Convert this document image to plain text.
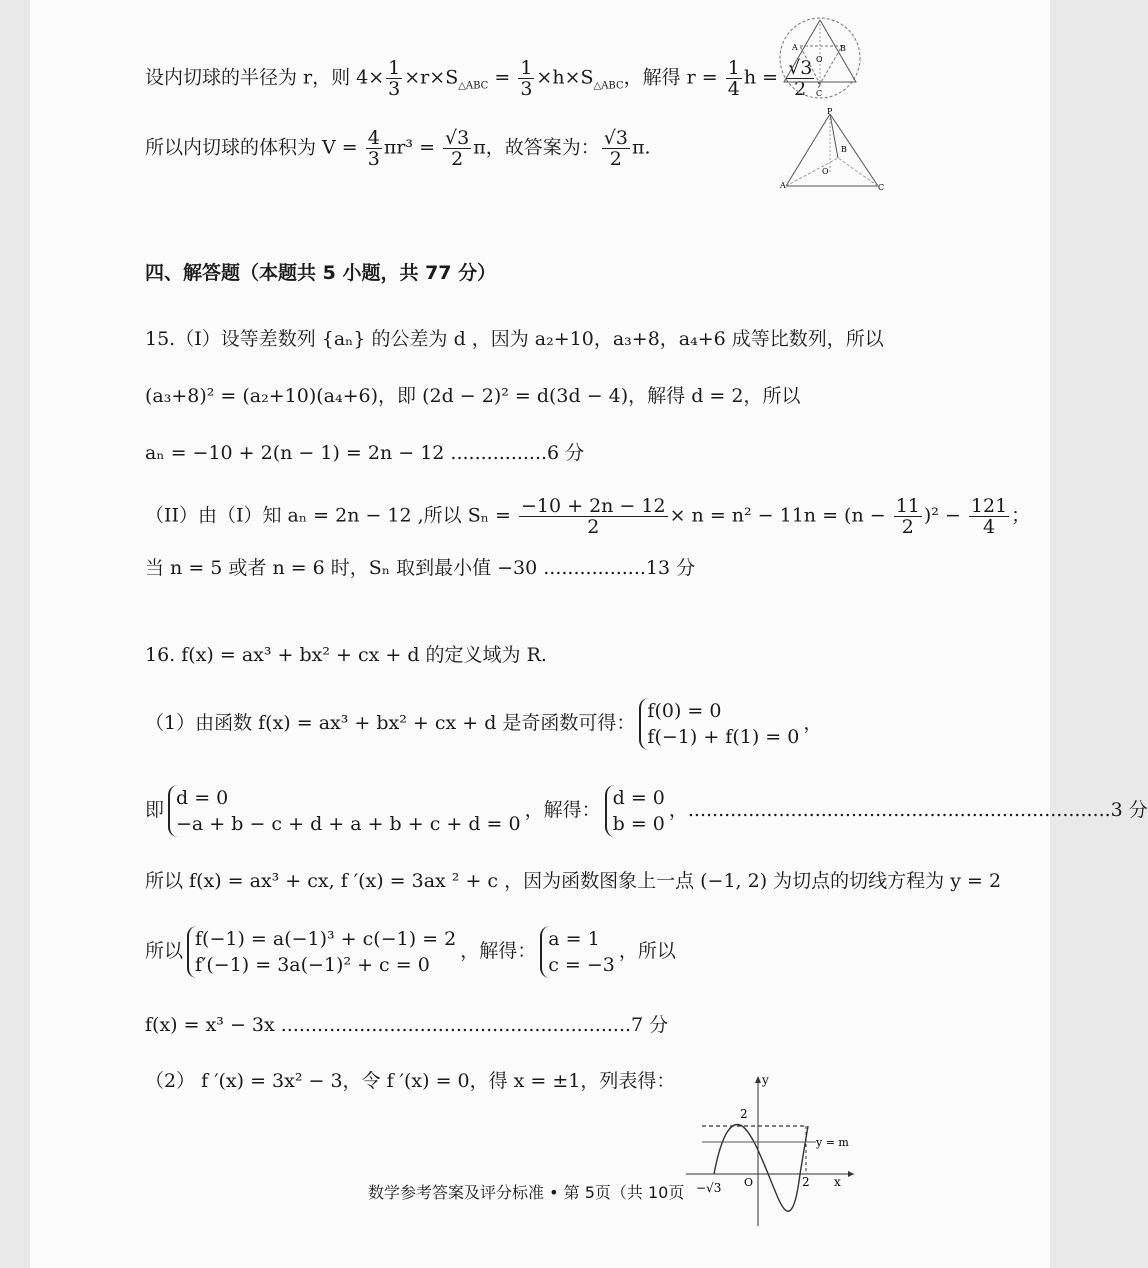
设内切球的半径为 r，则 $4\times \frac{1}{3} \times r\times S_{\triangle ABC} = \frac{1}{3} \times h\times S_{\triangle ABC}$，解得 $r = \frac{1}{4}$ $h = \frac{√3}{2}$ ，
所以内切球的体积为 $V = \frac{4}{3} \pi r^3 = \frac{√3}{2}$ π，故答案为： $\frac{√3}{2} \pi$.
A	B
C
O
P
A
B
C
O
四、解答题（本题共 5 小题，共 77 分）
15.（I）设等差数列 {aₙ} 的公差为 d ，因为 a₂+10，a₃+8，a₄+6 成等比数列，所以
(a₃+8)² = (a₂+10)(a₄+6)，即 (2d − 2)² = d(3d − 4)，解得 d = 2，所以
aₙ = −10 + 2(n − 1) = 2n − 12 ................6 分
（II）由（I）知 aₙ = 2n − 12 ,所以 $S_n = \frac{-10 + 2n - 12}{2} \times n = n^2 - 11n = (n - \frac{11}{2} )^2 - \frac{121}{4}$ ；
当 n = 5 或者 n = 6 时，Sₙ 取到最小值 −30 .................13 分
16. f(x) = ax³ + bx² + cx + d 的定义域为 R.
（1）由函数 f(x) = ax³ + bx² + cx + d 是奇函数可得：
f(0) = 0
f(−1) + f(1) = 0
，
即
d = 0
−a + b − c + d + a + b + c + d = 0
，解得：
d = 0
b = 0
，......................................................................3 分
所以 f(x) = ax³ + cx, f ′(x) = 3ax ² + c ，因为函数图象上一点 (−1, 2) 为切点的切线方程为 y = 2
所以
f(−1) = a(−1)³ + c(−1) = 2
f′(−1) = 3a(−1)² + c = 0
，解得：
a = 1
c = −3
，所以
f(x) = x³ − 3x ..........................................................7 分
（2） f ′(x) = 3x² − 3，令 f ′(x) = 0，得 x = ±1，列表得：	y
x
2
y = m
−√3 O	2
数学参考答案及评分标准 • 第 5页（共 10页
